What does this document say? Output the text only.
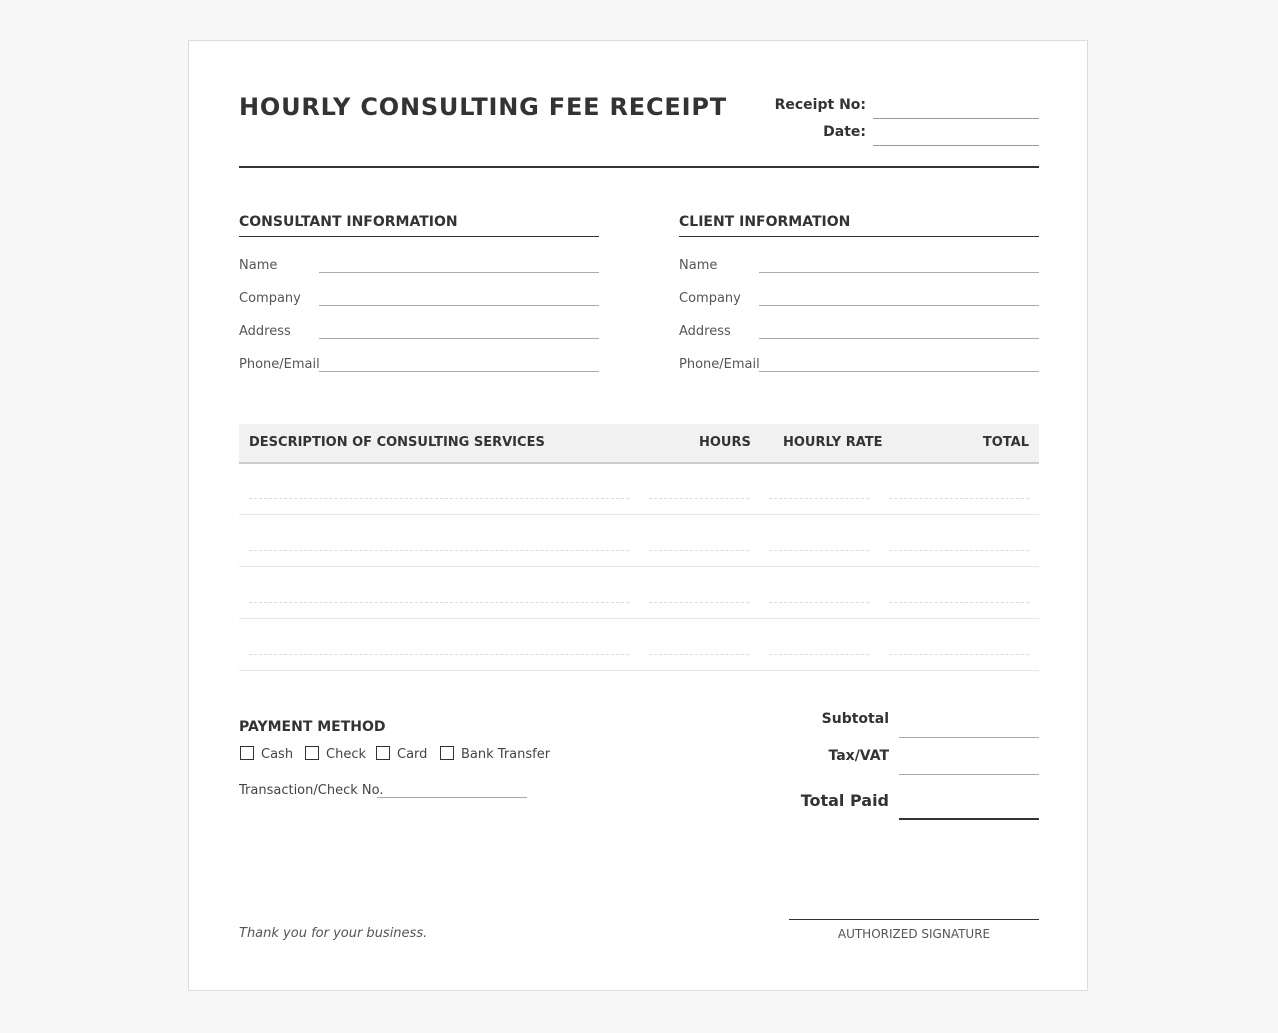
HOURLY CONSULTING FEE RECEIPT	Receipt No:
Date:
CONSULTANT INFORMATION
Name
Company
Address
Phone/Email
CLIENT INFORMATION
Name
Company
Address
Phone/Email
DESCRIPTION OF CONSULTING SERVICES	HOURS HOURLY RATE	TOTAL
PAYMENT METHOD
Cash	Check Card	Bank Transfer
Transaction/Check No.
Subtotal
Tax/VAT
Total Paid
Thank you for your business.	AUTHORIZED SIGNATURE
